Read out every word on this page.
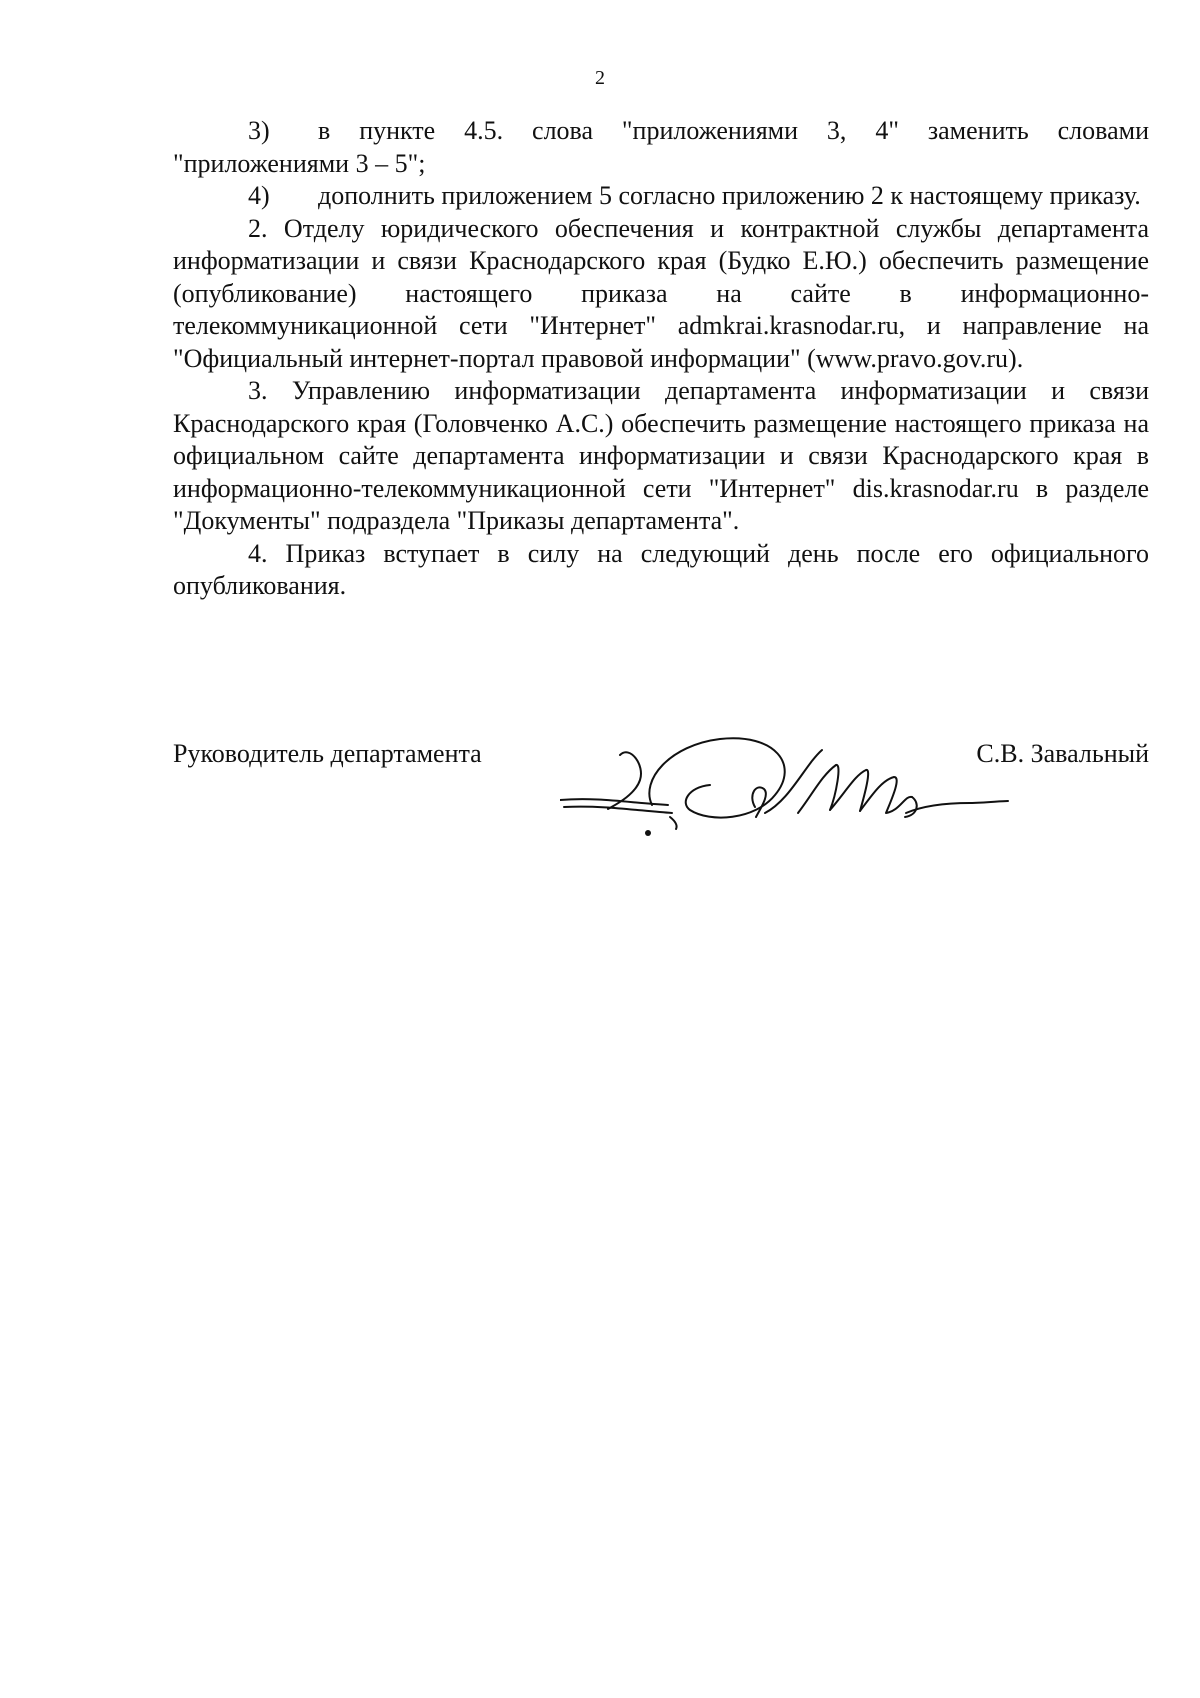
2

3) в пункте 4.5. слова "приложениями 3, 4" заменить словами "приложениями 3 – 5";

4) дополнить приложением 5 согласно приложению 2 к настоящему приказу.

2. Отделу юридического обеспечения и контрактной службы департамента информатизации и связи Краснодарского края (Будко Е.Ю.) обеспечить размещение (опубликование) настоящего приказа на сайте в информационно-телекоммуникационной сети "Интернет" admkrai.krasnodar.ru, и направление на "Официальный интернет-портал правовой информации" (www.pravo.gov.ru).

3. Управлению информатизации департамента информатизации и связи Краснодарского края (Головченко А.С.) обеспечить размещение настоящего приказа на официальном сайте департамента информатизации и связи Краснодарского края в информационно-телекоммуникационной сети "Интернет" dis.krasnodar.ru в разделе "Документы" подраздела "Приказы департамента".

4. Приказ вступает в силу на следующий день после его официального опубликования.

Руководитель департамента	С.В. Завальный
